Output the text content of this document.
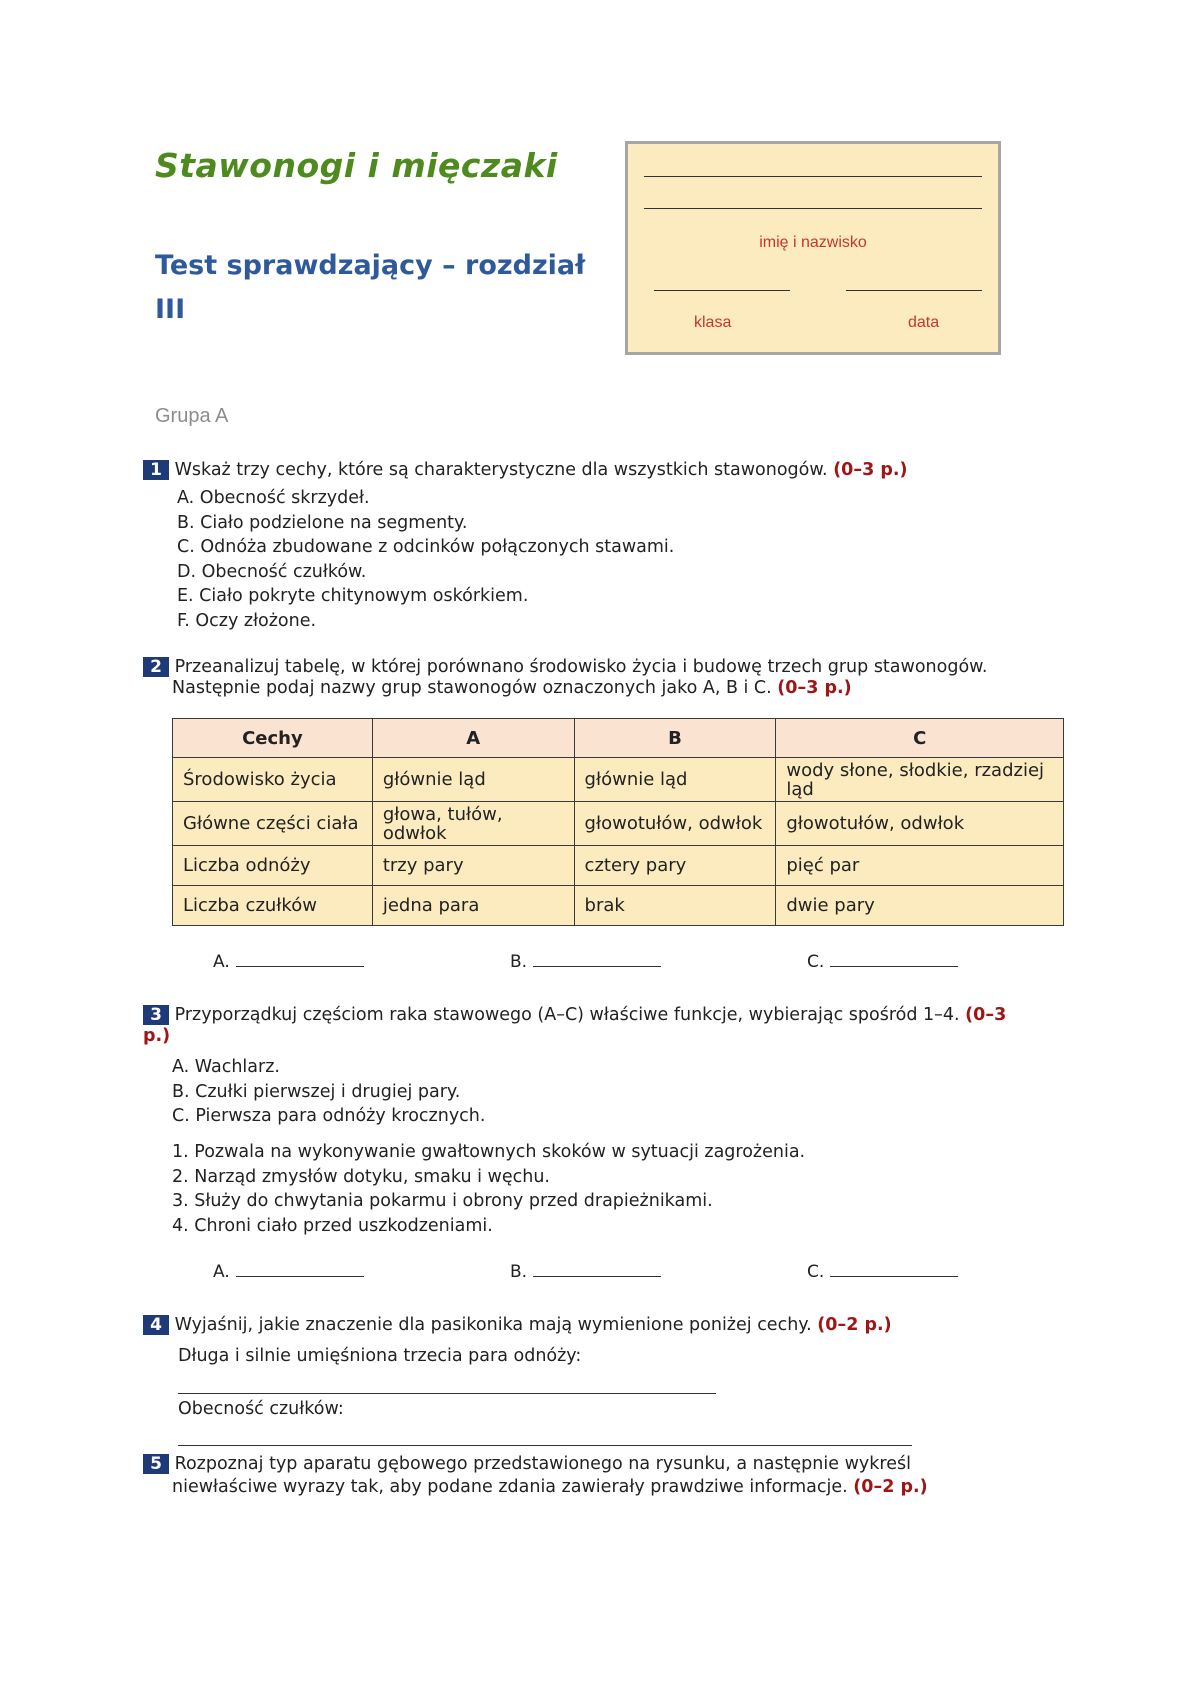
Stawonogi i mięczaki
Test sprawdzający – rozdział III
imię i nazwisko
klasa	data
Grupa A
1 Wskaż trzy cechy, które są charakterystyczne dla wszystkich stawonogów. (0–3 p.)
A. Obecność skrzydeł.
B. Ciało podzielone na segmenty.
C. Odnóża zbudowane z odcinków połączonych stawami.
D. Obecność czułków.
E. Ciało pokryte chitynowym oskórkiem.
F. Oczy złożone.
2 Przeanalizuj tabelę, w której porównano środowisko życia i budowę trzech grup stawonogów.
Następnie podaj nazwy grup stawonogów oznaczonych jako A, B i C. (0–3 p.)
Cechy	A	B	C
Środowisko życia	głównie ląd	głównie ląd	wody słone, słodkie, rzadziej ląd
Główne części ciała	głowa, tułów, odwłok	głowotułów, odwłok	głowotułów, odwłok
Liczba odnóży	trzy pary	cztery pary	pięć par
Liczba czułków	jedna para	brak	dwie pary
A.	B.	C.
3 Przyporządkuj częściom raka stawowego (A–C) właściwe funkcje, wybierając spośród 1–4. (0–3
p.)
A. Wachlarz.
B. Czułki pierwszej i drugiej pary.
C. Pierwsza para odnóży krocznych.
1. Pozwala na wykonywanie gwałtownych skoków w sytuacji zagrożenia.
2. Narząd zmysłów dotyku, smaku i węchu.
3. Służy do chwytania pokarmu i obrony przed drapieżnikami.
4. Chroni ciało przed uszkodzeniami.
A.	B.	C.
4 Wyjaśnij, jakie znaczenie dla pasikonika mają wymienione poniżej cechy. (0–2 p.)
Długa i silnie umięśniona trzecia para odnóży:
Obecność czułków:
5 Rozpoznaj typ aparatu gębowego przedstawionego na rysunku, a następnie wykreśl
niewłaściwe wyrazy tak, aby podane zdania zawierały prawdziwe informacje. (0–2 p.)
